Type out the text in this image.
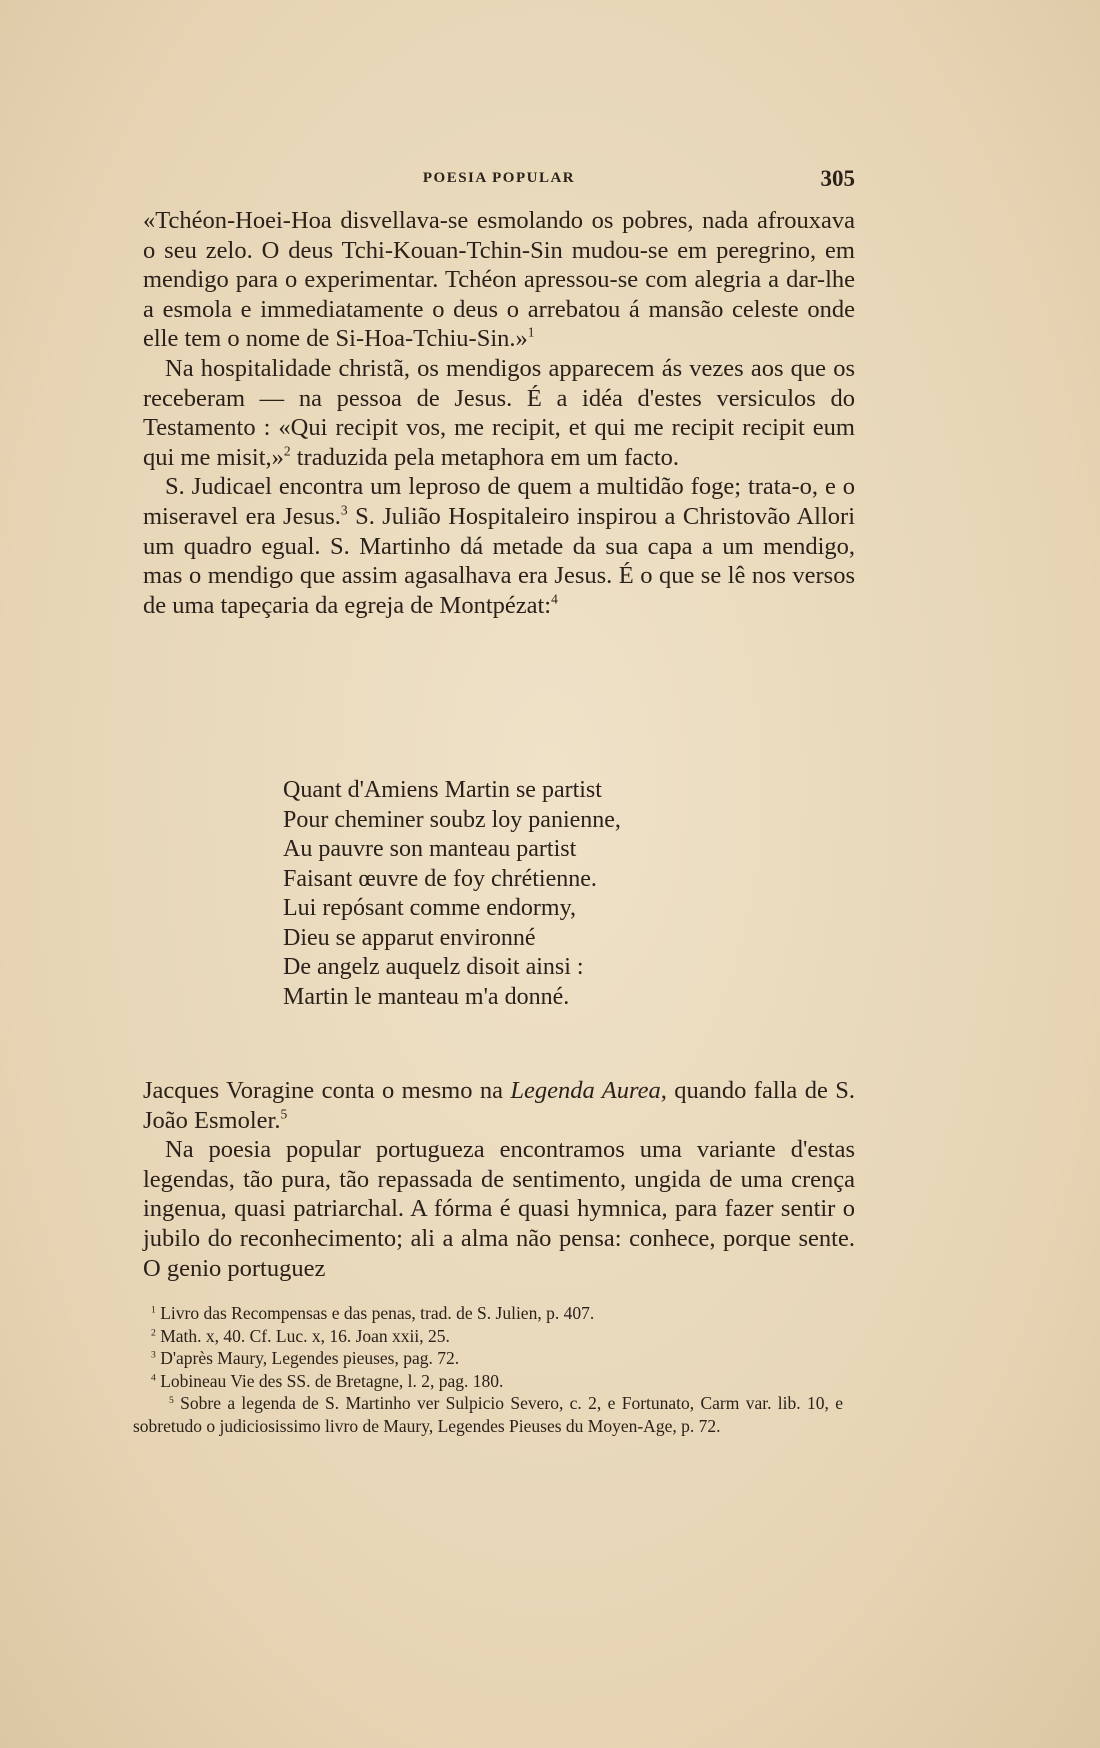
POESIA POPULAR	305

«Tchéon-Hoei-Hoa disvellava-se esmolando os pobres, nada afrouxava o seu zelo. O deus Tchi-Kouan-Tchin-Sin mudou-se em peregrino, em mendigo para o experimentar. Tchéon apressou-se com alegria a dar-lhe a esmola e immediatamente o deus o arrebatou á mansão celeste onde elle tem o nome de Si-Hoa-Tchiu-Sin.»$^1$

Na hospitalidade christã, os mendigos apparecem ás vezes aos que os receberam — na pessoa de Jesus. É a idéa d'estes versiculos do Testamento : «Qui recipit vos, me recipit, et qui me recipit recipit eum qui me misit,»$^2$ traduzida pela metaphora em um facto.

S. Judicael encontra um leproso de quem a multidão foge; trata-o, e o miseravel era Jesus.$^3$ S. Julião Hospitaleiro inspirou a Christovão Allori um quadro egual. S. Martinho dá metade da sua capa a um mendigo, mas o mendigo que assim agasalhava era Jesus. É o que se lê nos versos de uma tapeçaria da egreja de Montpézat:$^4$

Quant d'Amiens Martin se partist
Pour cheminer soubz loy panienne,
Au pauvre son manteau partist
Faisant œuvre de foy chrétienne.
Lui repósant comme endormy,
Dieu se apparut environné
De angelz auquelz disoit ainsi :
Martin le manteau m'a donné.

Jacques Voragine conta o mesmo na Legenda Aurea, quando falla de S. João Esmoler.$^5$

Na poesia popular portugueza encontramos uma variante d'estas legendas, tão pura, tão repassada de sentimento, ungida de uma crença ingenua, quasi patriarchal. A fórma é quasi hymnica, para fazer sentir o jubilo do reconhecimento; ali a alma não pensa: conhece, porque sente. O genio portuguez

$^1$ Livro das Recompensas e das penas, trad. de S. Julien, p. 407.

$^2$ Math. x, 40. Cf. Luc. x, 16. Joan xxii, 25.

$^3$ D'après Maury, Legendes pieuses, pag. 72.

$^4$ Lobineau Vie des SS. de Bretagne, l. 2, pag. 180.

$^5$ Sobre a legenda de S. Martinho ver Sulpicio Severo, c. 2, e Fortunato, Carm var. lib. 10, e sobretudo o judiciosissimo livro de Maury, Legendes Pieuses du Moyen-Age, p. 72.
